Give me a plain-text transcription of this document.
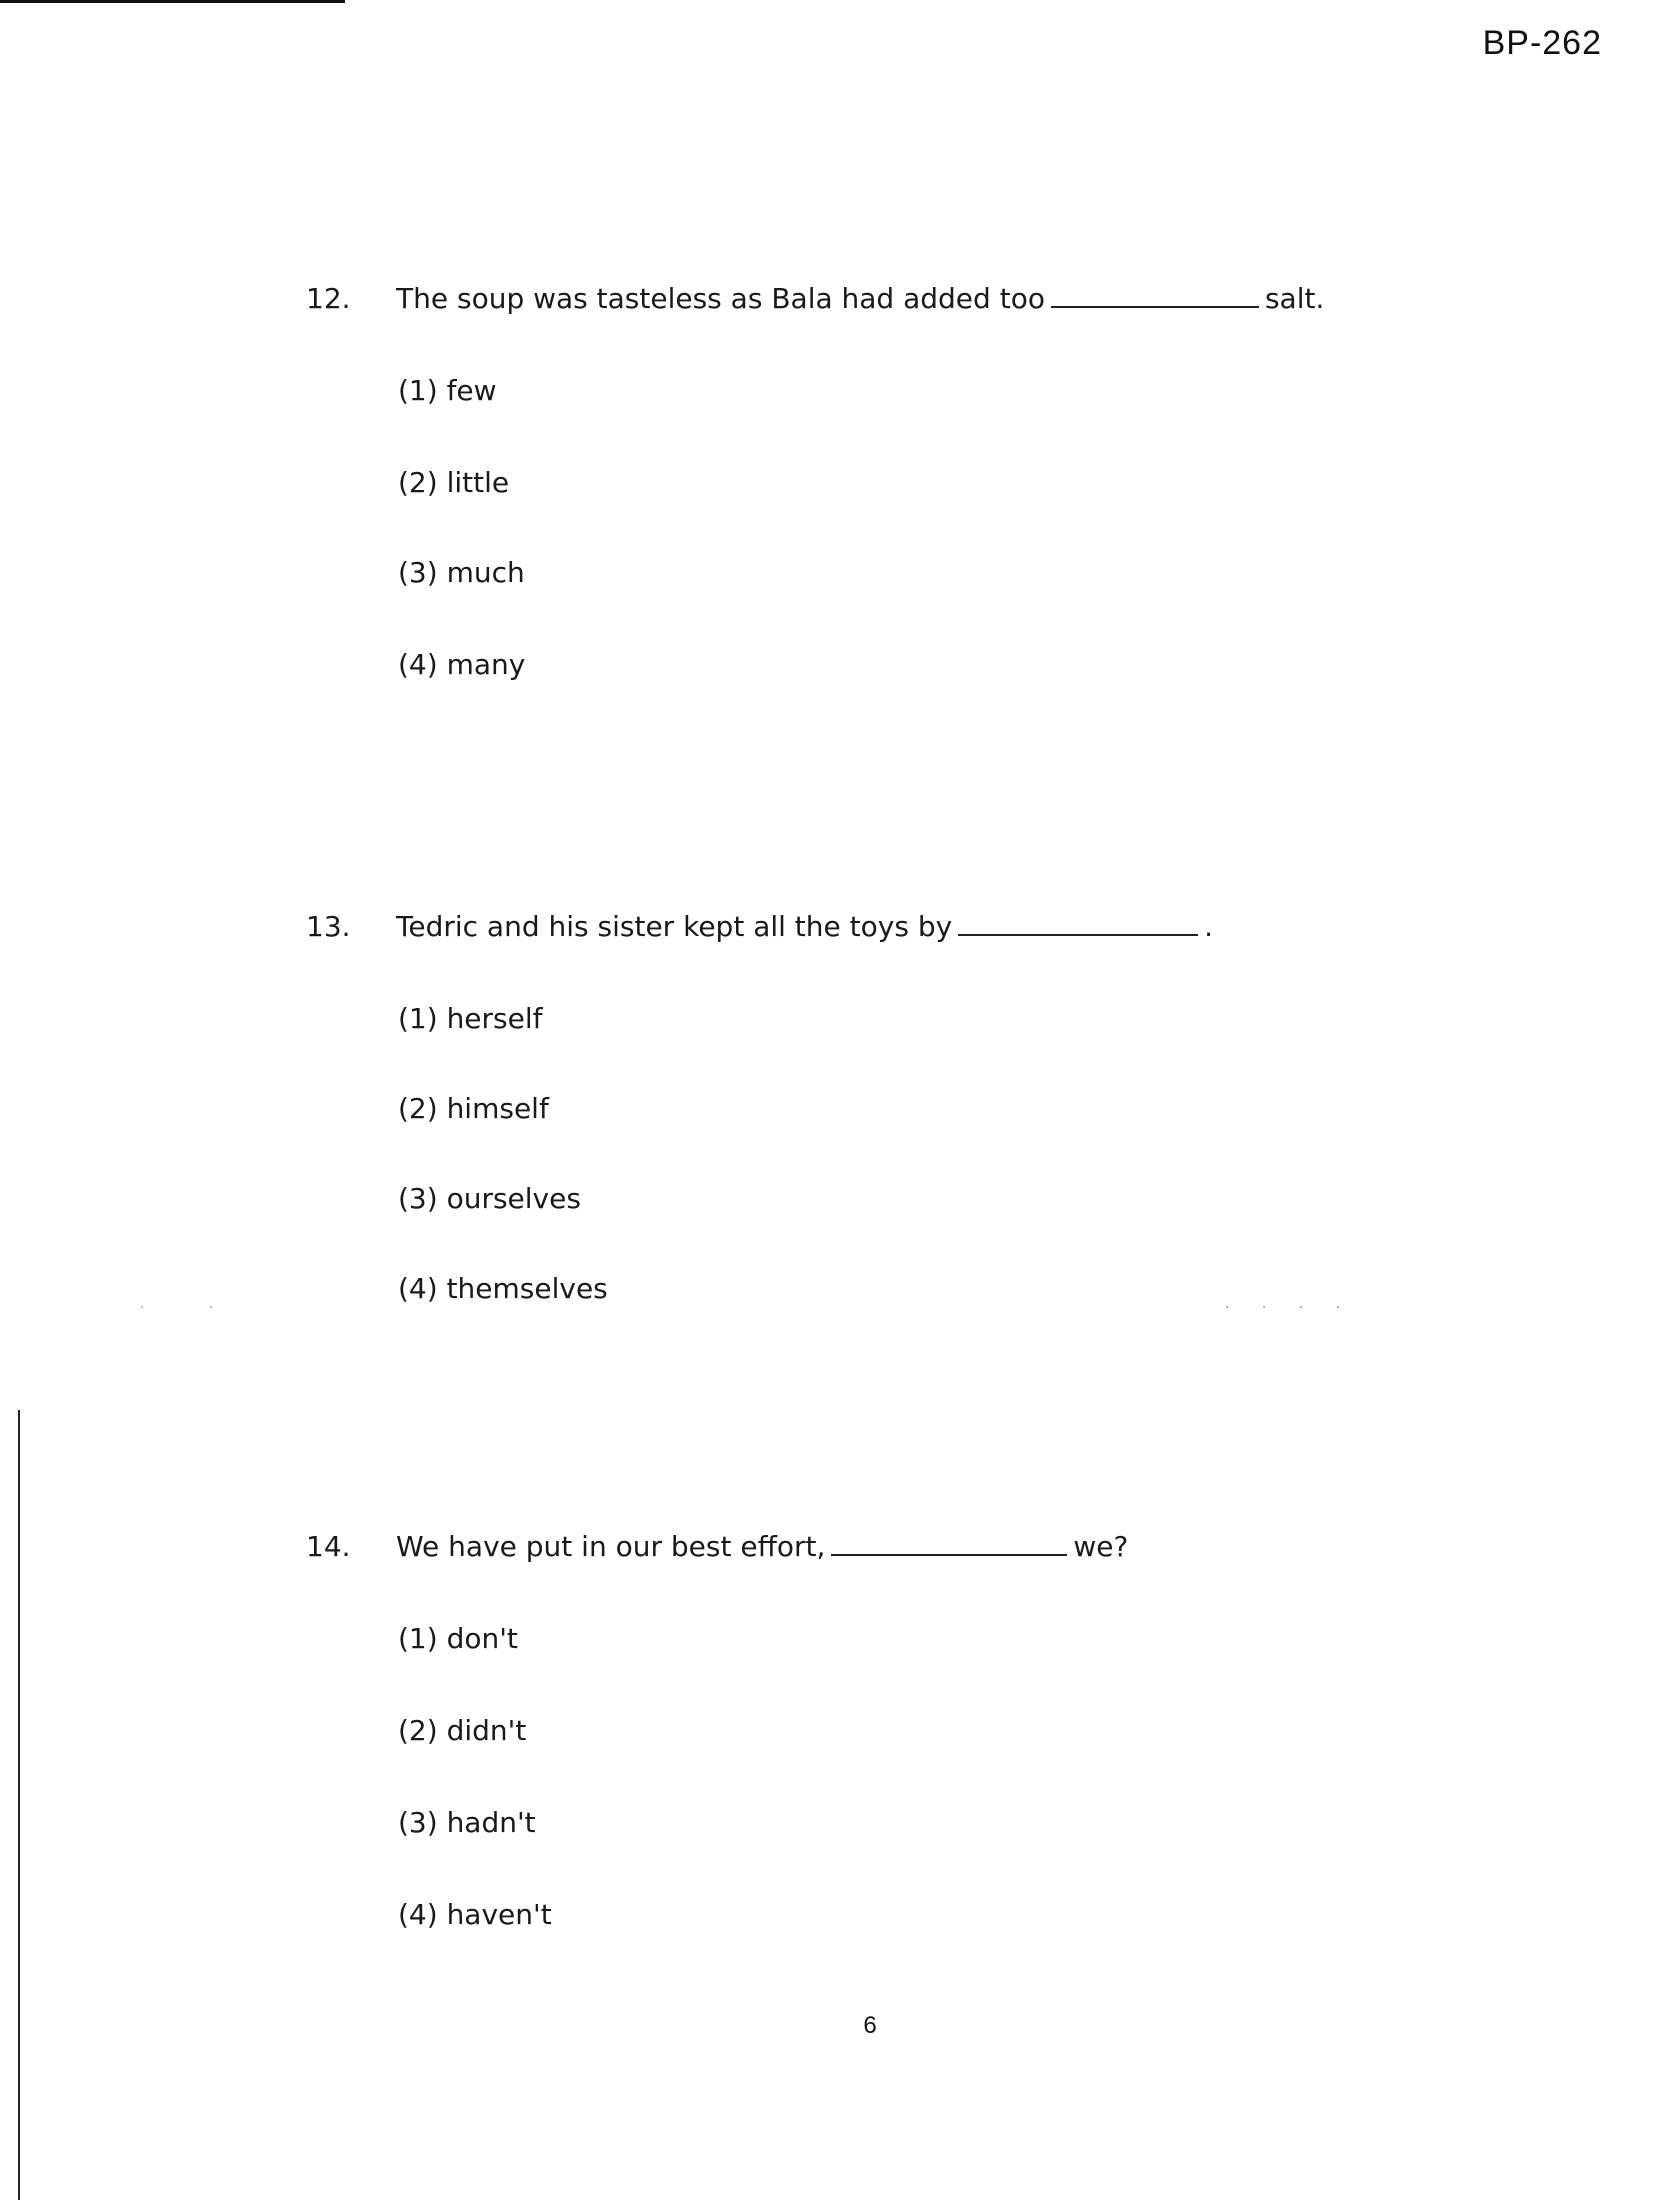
· ·	· · · ·
BP-262
12. The soup was tasteless as Bala had added too	salt.
(1) few
(2) little
(3) much
(4) many
13. Tedric and his sister kept all the toys by	.
(1) herself
(2) himself
(3) ourselves
(4) themselves
14. We have put in our best effort,	we?
(1) don't
(2) didn't
(3) hadn't
(4) haven't
6
